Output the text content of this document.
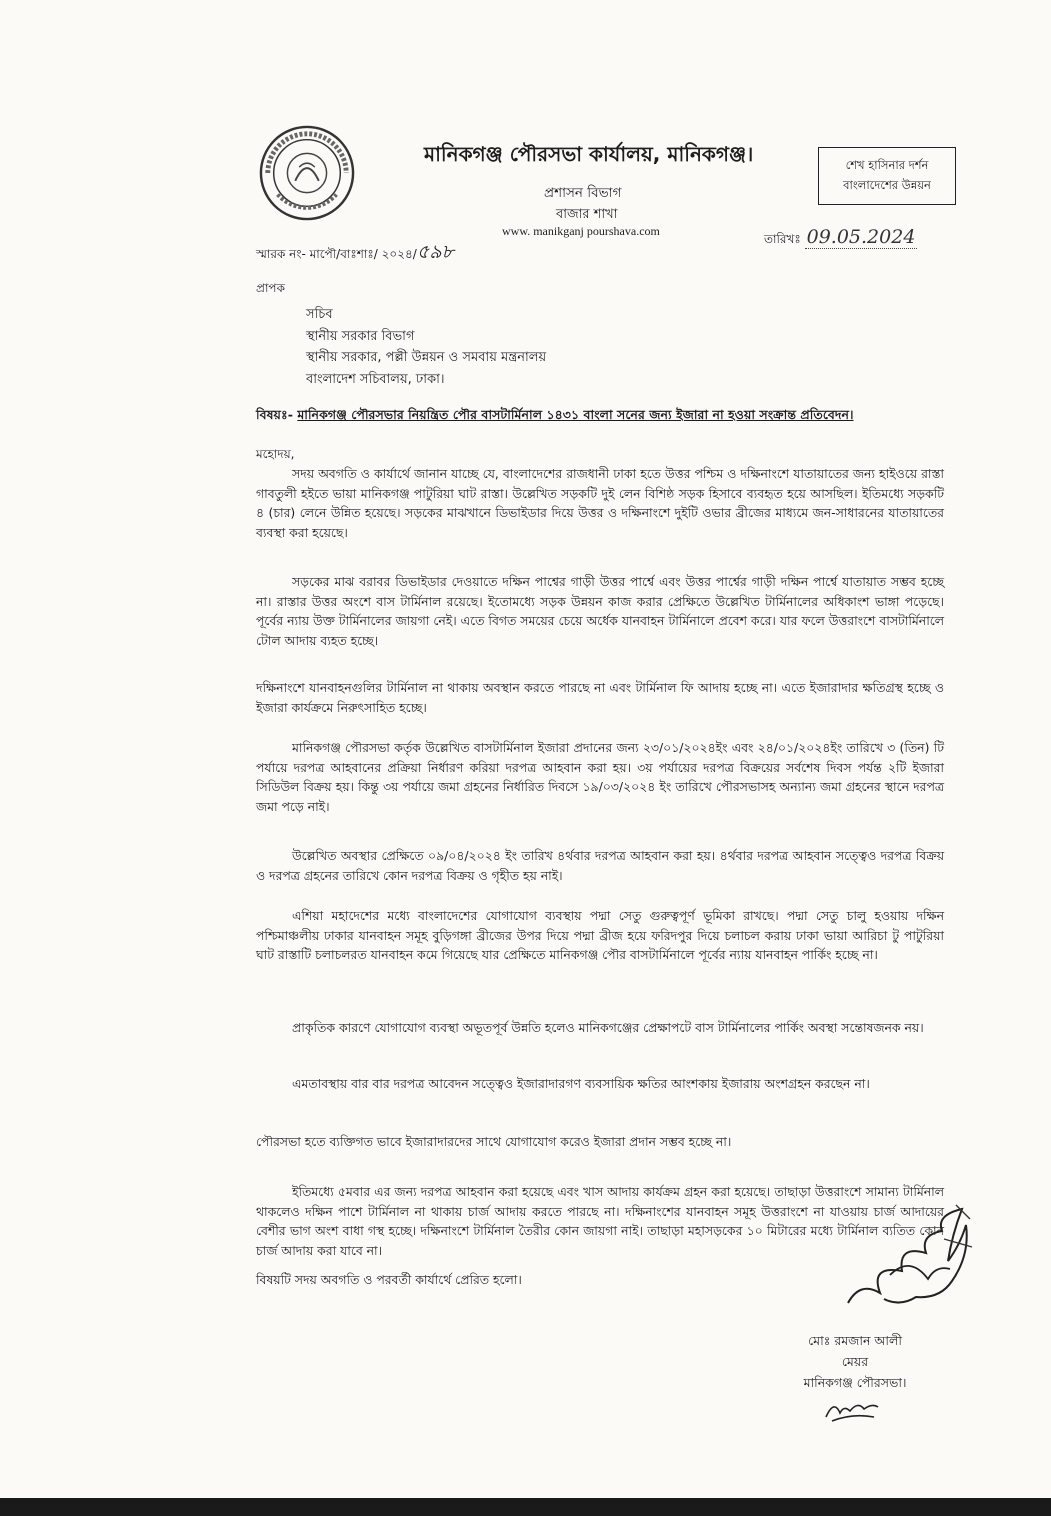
মানিকগঞ্জ পৌরসভা কার্যালয়, মানিকগঞ্জ।
প্রশাসন বিভাগ
বাজার শাখা
www. manikganj pourshava.com
শেখ হাসিনার দর্শন
বাংলাদেশের উন্নয়ন
স্মারক নং- মাপৌ/বাঃশাঃ/ ২০২৪/৫৯৮
তারিখঃ 09.05.2024
প্রাপক
সচিব
স্থানীয় সরকার বিভাগ
স্থানীয় সরকার, পল্লী উন্নয়ন ও সমবায় মন্ত্রনালয়
বাংলাদেশ সচিবালয়, ঢাকা।
বিষয়ঃ- মানিকগঞ্জ পৌরসভার নিয়ন্ত্রিত পৌর বাসটার্মিনাল ১৪৩১ বাংলা সনের জন্য ইজারা না হওয়া সংক্রান্ত প্রতিবেদন।
মহোদয়,
সদয় অবগতি ও কার্যার্থে জানান যাচ্ছে যে, বাংলাদেশের রাজধানী ঢাকা হতে উত্তর পশ্চিম ও দক্ষিনাংশে যাতায়াতের জন্য হাইওয়ে রাস্তা গাবতুলী হইতে ভায়া মানিকগঞ্জ পাটুরিয়া ঘাট রাস্তা। উল্লেখিত সড়কটি দুই লেন বিশিষ্ঠ সড়ক হিসাবে ব্যবহৃত হয়ে আসছিল। ইতিমধ্যে সড়কটি ৪ (চার) লেনে উন্নিত হয়েছে। সড়কের মাঝখানে ডিভাইডার দিয়ে উত্তর ও দক্ষিনাংশে দুইটি ওভার ব্রীজের মাধ্যমে জন-সাধারনের যাতায়াতের ব্যবস্থা করা হয়েছে।
সড়কের মাঝ বরাবর ডিভাইডার দেওয়াতে দক্ষিন পাশ্বের গাড়ী উত্তর পার্শ্বে এবং উত্তর পার্শ্বের গাড়ী দক্ষিন পার্শ্বে যাতায়াত সম্ভব হচ্ছে না। রাস্তার উত্তর অংশে বাস টার্মিনাল রয়েছে। ইতোমধ্যে সড়ক উন্নয়ন কাজ করার প্রেক্ষিতে উল্লেখিত টার্মিনালের অধিকাংশ ভাঙ্গা পড়েছে। পূর্বের ন্যায় উক্ত টার্মিনালের জায়গা নেই। এতে বিগত সময়ের চেয়ে অর্ধেক যানবাহন টার্মিনালে প্রবেশ করে। যার ফলে উত্তরাংশে বাসটার্মিনালে টোল আদায় ব্যহত হচ্ছে।
দক্ষিনাংশে যানবাহনগুলির টার্মিনাল না থাকায় অবস্থান করতে পারছে না এবং টার্মিনাল ফি আদায় হচ্ছে না। এতে ইজারাদার ক্ষতিগ্রস্থ হচ্ছে ও ইজারা কার্যক্রমে নিরুৎসাহিত হচ্ছে।
মানিকগঞ্জ পৌরসভা কর্তৃক উল্লেখিত বাসটার্মিনাল ইজারা প্রদানের জন্য ২৩/০১/২০২৪ইং এবং ২৪/০১/২০২৪ইং তারিখে ৩ (তিন) টি পর্যায়ে দরপত্র আহবানের প্রক্রিয়া নির্ধারণ করিয়া দরপত্র আহবান করা হয়। ৩য় পর্যায়ের দরপত্র বিক্রয়ের সর্বশেষ দিবস পর্যন্ত ২টি ইজারা সিডিউল বিক্রয় হয়। কিন্তু ৩য় পর্যায়ে জমা গ্রহনের নির্ধারিত দিবসে ১৯/০৩/২০২৪ ইং তারিখে পৌরসভাসহ অন্যান্য জমা গ্রহনের স্থানে দরপত্র জমা পড়ে নাই।
উল্লেখিত অবস্থার প্রেক্ষিতে ০৯/০৪/২০২৪ ইং তারিখ ৪র্থবার দরপত্র আহবান করা হয়। ৪র্থবার দরপত্র আহবান সত্ত্বেও দরপত্র বিক্রয় ও দরপত্র গ্রহনের তারিখে কোন দরপত্র বিক্রয় ও গৃহীত হয় নাই।
এশিয়া মহাদেশের মধ্যে বাংলাদেশের যোগাযোগ ব্যবস্থায় পদ্মা সেতু গুরুত্বপূর্ণ ভূমিকা রাখছে। পদ্মা সেতু চালু হওয়ায় দক্ষিন পশ্চিমাঞ্চলীয় ঢাকার যানবাহন সমূহ বুড়িগঙ্গা ব্রীজের উপর দিয়ে পদ্মা ব্রীজ হয়ে ফরিদপুর দিয়ে চলাচল করায় ঢাকা ভায়া আরিচা টু পাটুরিয়া ঘাট রাস্তাটি চলাচলরত যানবাহন কমে গিয়েছে যার প্রেক্ষিতে মানিকগঞ্জ পৌর বাসটার্মিনালে পূর্বের ন্যায় যানবাহন পার্কিং হচ্ছে না।
প্রাকৃতিক কারণে যোগাযোগ ব্যবস্থা অভূতপূর্ব উন্নতি হলেও মানিকগঞ্জের প্রেক্ষাপটে বাস টার্মিনালের পার্কিং অবস্থা সন্তোষজনক নয়।
এমতাবস্থায় বার বার দরপত্র আবেদন সত্ত্বেও ইজারাদারগণ ব্যবসায়িক ক্ষতির আংশকায় ইজারায় অংশগ্রহন করছেন না।
পৌরসভা হতে ব্যক্তিগত ভাবে ইজারাদারদের সাথে যোগাযোগ করেও ইজারা প্রদান সম্ভব হচ্ছে না।
ইতিমধ্যে ৫মবার এর জন্য দরপত্র আহবান করা হয়েছে এবং খাস আদায় কার্যক্রম গ্রহন করা হয়েছে। তাছাড়া উত্তরাংশে সামান্য টার্মিনাল থাকলেও দক্ষিন পাশে টার্মিনাল না থাকায় চার্জ আদায় করতে পারছে না। দক্ষিনাংশের যানবাহন সমূহ উত্তরাংশে না যাওয়ায় চার্জ আদায়ের বেশীর ভাগ অংশ বাধা গস্থ হচ্ছে। দক্ষিনাংশে টার্মিনাল তৈরীর কোন জায়গা নাই। তাছাড়া মহাসড়কের ১০ মিটারের মধ্যে টার্মিনাল ব্যতিত কোন চার্জ আদায় করা যাবে না।
বিষয়টি সদয় অবগতি ও পরবর্তী কার্যার্থে প্রেরিত হলো।
মোঃ রমজান আলী
মেয়র
মানিকগঞ্জ পৌরসভা।
